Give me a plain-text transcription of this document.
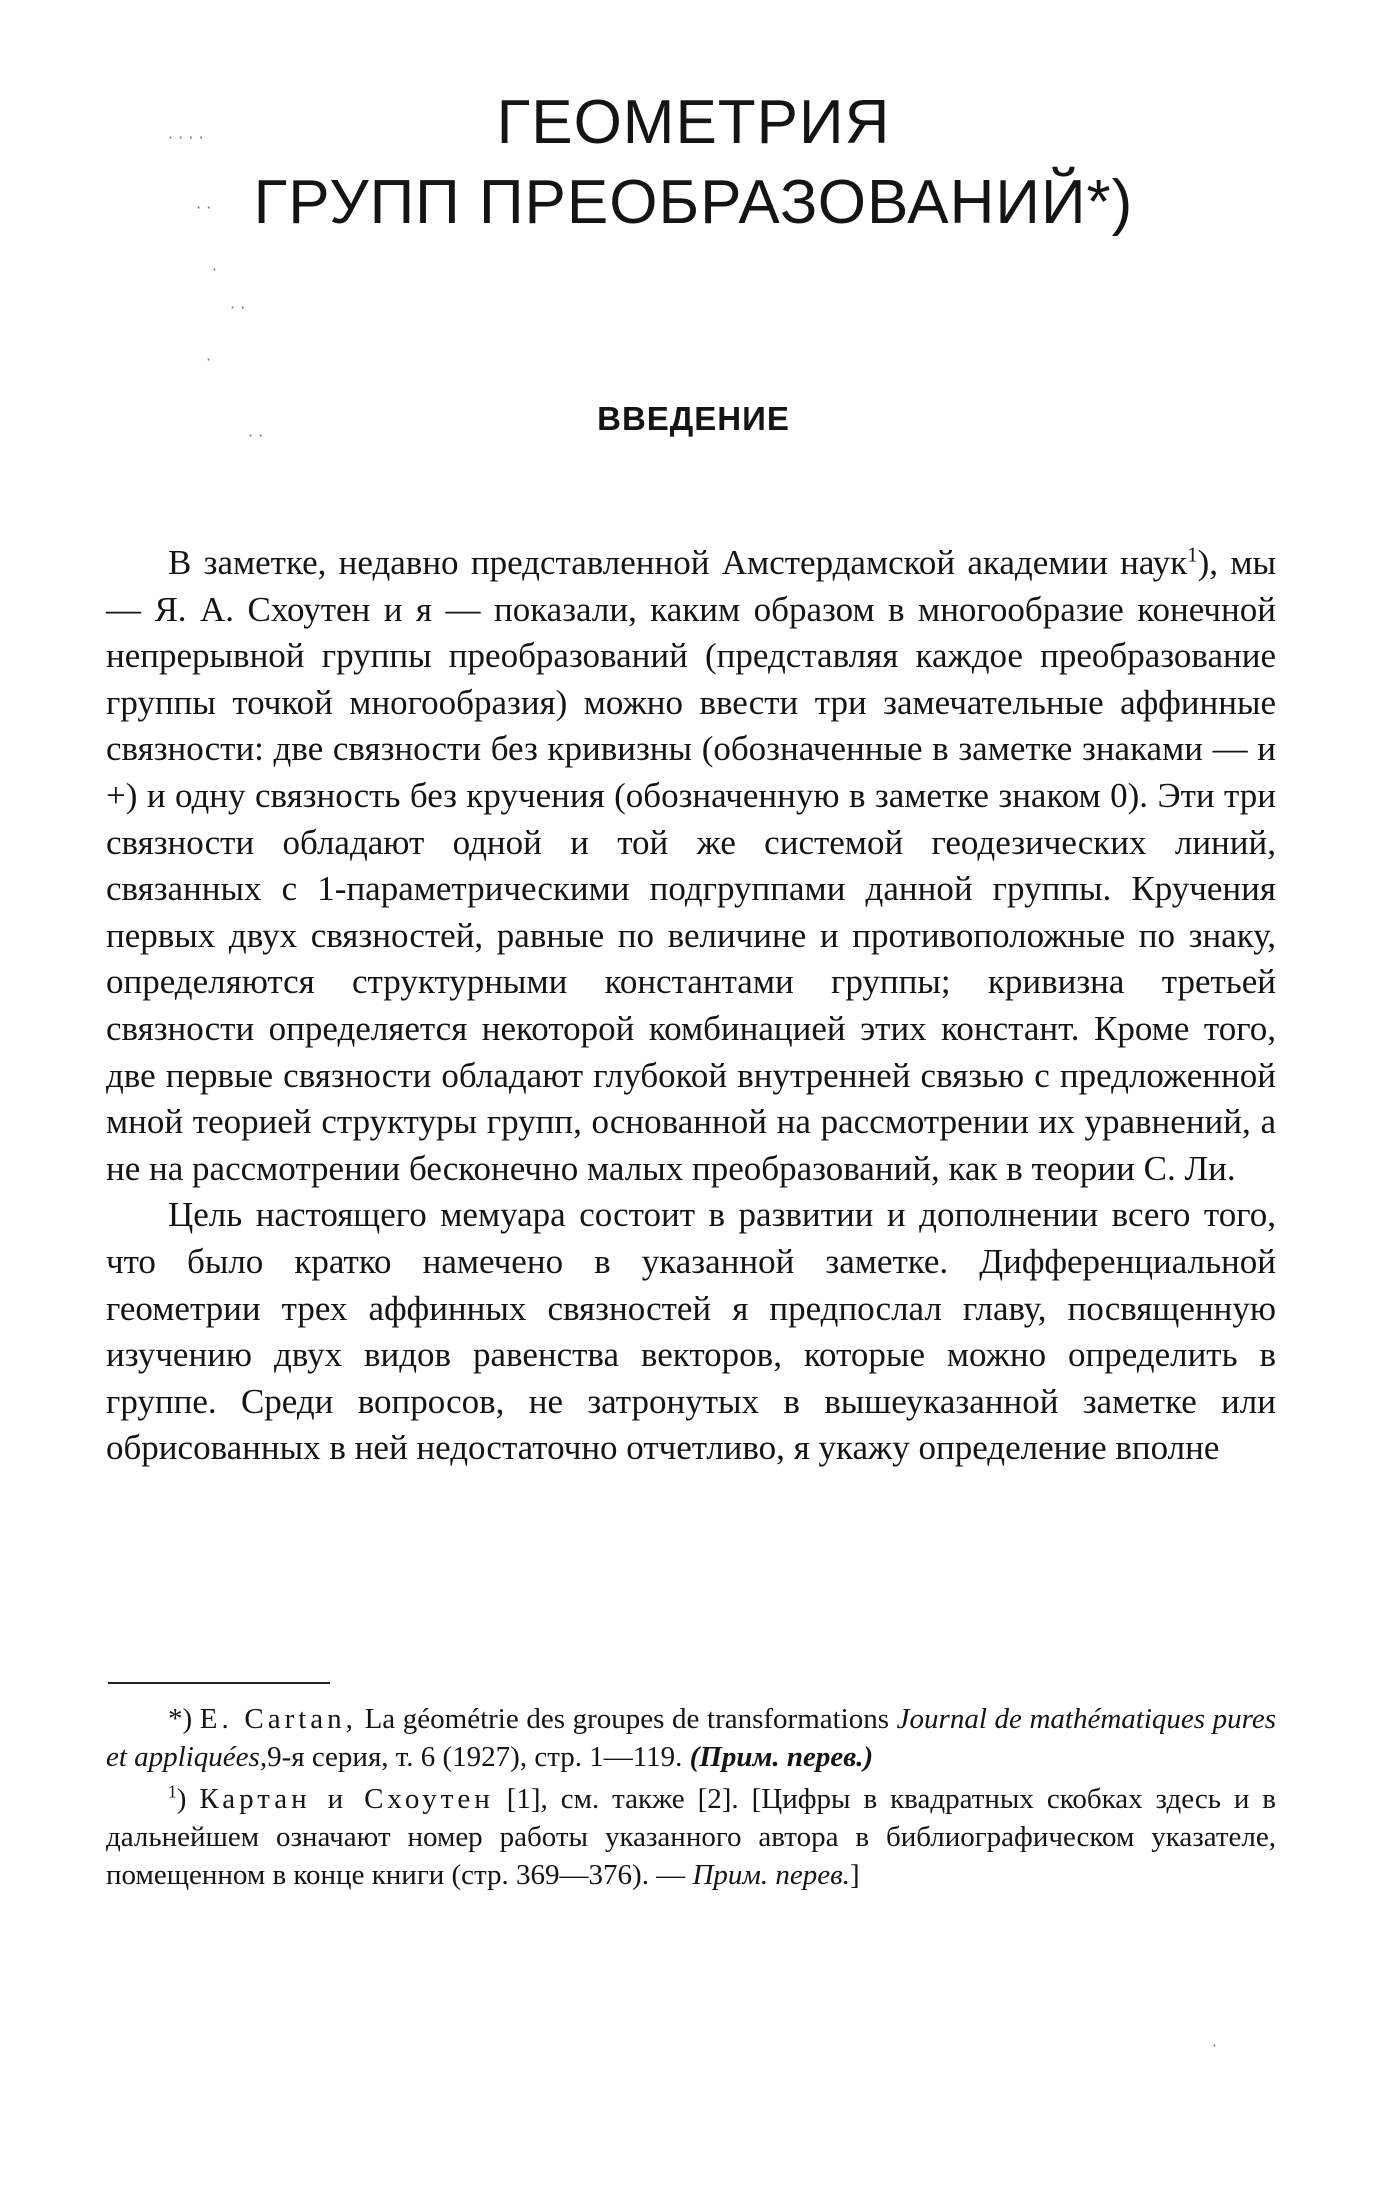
ГЕОМЕТРИЯ
ГРУПП ПРЕОБРАЗОВАНИЙ*)
ВВЕДЕНИЕ

В заметке, недавно представленной Амстердамской академии наук$^1$), мы — Я. А. Схоутен и я — показали, каким образом в многообразие конечной непрерывной группы преобразований (представляя каждое преобразование группы точкой многообразия) можно ввести три замечательные аффинные связности: две связности без кривизны (обозначенные в заметке знаками — и +) и одну связность без кручения (обозначенную в заметке знаком 0). Эти три связности обладают одной и той же системой геодезических линий, связанных с 1-параметрическими подгруппами данной группы. Кручения первых двух связностей, равные по величине и противоположные по знаку, определяются структурными константами группы; кривизна третьей связности определяется некоторой комбинацией этих констант. Кроме того, две первые связности обладают глубокой внутренней связью с предложенной мной теорией структуры групп, основанной на рассмотрении их уравнений, а не на рассмотрении бесконечно малых преобразований, как в теории С. Ли.

Цель настоящего мемуара состоит в развитии и дополнении всего того, что было кратко намечено в указанной заметке. Дифференциальной геометрии трех аффинных связностей я предпослал главу, посвященную изучению двух видов равенства векторов, которые можно определить в группе. Среди вопросов, не затронутых в вышеуказанной заметке или обрисованных в ней недостаточно отчетливо, я укажу определение вполне

*) E. Cartan, La géométrie des groupes de transformations Journal de mathématiques pures et appliquées,9-я серия, т. 6 (1927), стр. 1—119. (Прим. перев.)

$^1$) Картан и Схоутен [1], см. также [2]. [Цифры в квадратных скобках здесь и в дальнейшем означают номер работы указанного автора в библиографическом указателе, помещенном в конце книги (стр. 369—376). — Прим. перев.]

· · · ·
· ·
·
· ·
·
· ·
·
